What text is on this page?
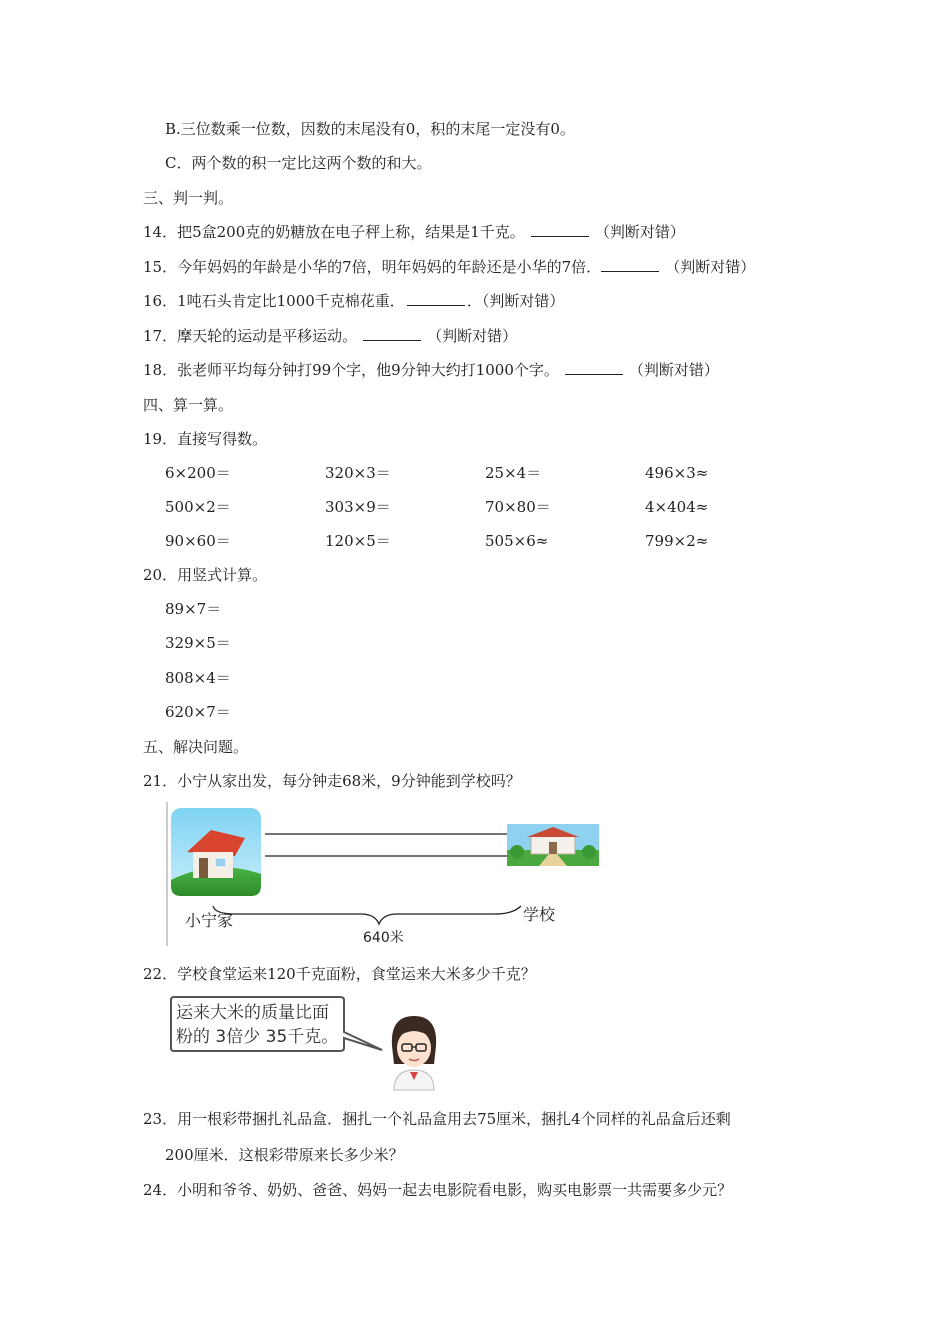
B.三位数乘一位数，因数的末尾没有0，积的末尾一定没有0。
C．两个数的积一定比这两个数的和大。
三、判一判。
14．把5盒200克的奶糖放在电子秤上称，结果是1千克。	（判断对错）
15．今年妈妈的年龄是小华的7倍，明年妈妈的年龄还是小华的7倍．	（判断对错）
16．1吨石头肯定比1000千克棉花重．	．（判断对错）
17．摩天轮的运动是平移运动。	（判断对错）
18．张老师平均每分钟打99个字，他9分钟大约打1000个字。	（判断对错）
四、算一算。
19．直接写得数。
6×200＝	320×3＝	25×4＝	496×3≈
500×2＝	303×9＝	70×80＝	4×404≈
90×60＝	120×5＝	505×6≈	799×2≈
20．用竖式计算。
89×7＝
329×5＝
808×4＝
620×7＝
五、解决问题。
21．小宁从家出发，每分钟走68米，9分钟能到学校吗？
小宁家	学校
640米
22．学校食堂运来120千克面粉，食堂运来大米多少千克？
运来大米的质量比面
粉的 3倍少 35千克。
23．用一根彩带捆扎礼品盒．捆扎一个礼品盒用去75厘米，捆扎4个同样的礼品盒后还剩
200厘米．这根彩带原来长多少米？
24．小明和爷爷、奶奶、爸爸、妈妈一起去电影院看电影，购买电影票一共需要多少元？
